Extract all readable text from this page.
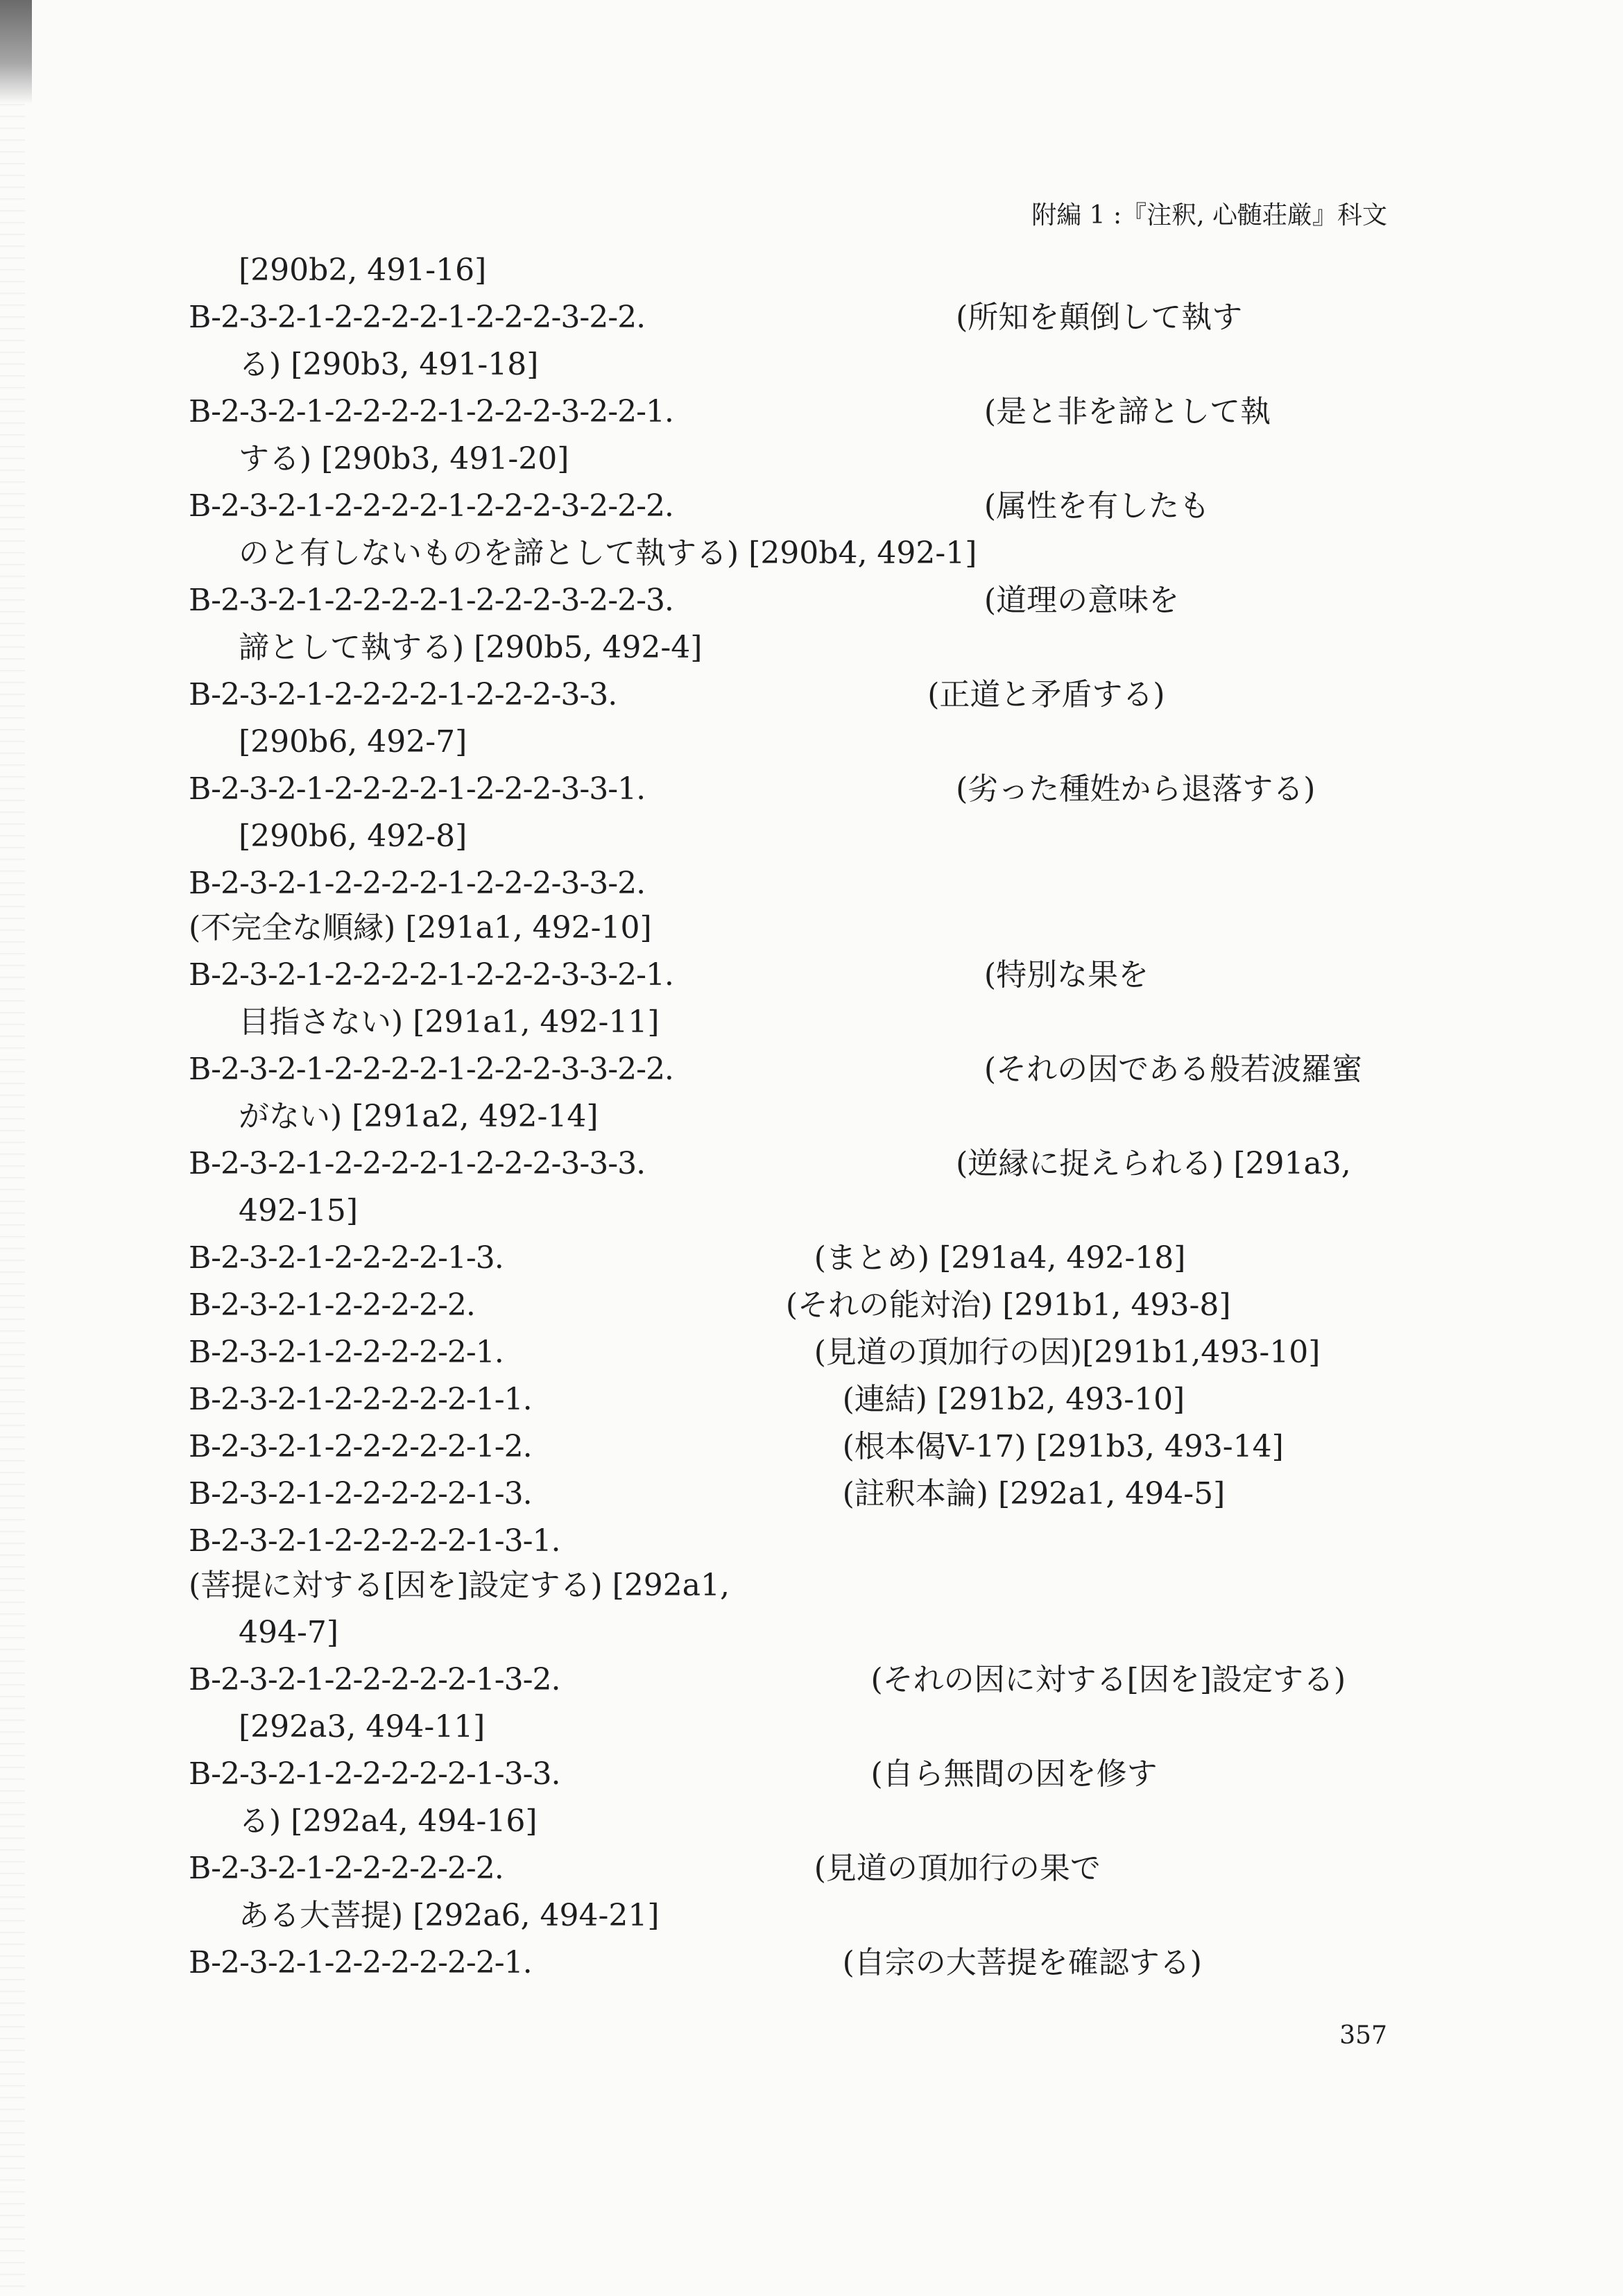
附編 1 :『注釈, 心髄荘厳』科文
[290b2, 491-16]
B-2-3-2-1-2-2-2-2-1-2-2-2-3-2-2.	(所知を顛倒して執す
る) [290b3, 491-18]
B-2-3-2-1-2-2-2-2-1-2-2-2-3-2-2-1.	(是と非を諦として執
する) [290b3, 491-20]
B-2-3-2-1-2-2-2-2-1-2-2-2-3-2-2-2.	(属性を有したも
のと有しないものを諦として執する) [290b4, 492-1]
B-2-3-2-1-2-2-2-2-1-2-2-2-3-2-2-3.	(道理の意味を
諦として執する) [290b5, 492-4]
B-2-3-2-1-2-2-2-2-1-2-2-2-3-3.	(正道と矛盾する)
[290b6, 492-7]
B-2-3-2-1-2-2-2-2-1-2-2-2-3-3-1.	(劣った種姓から退落する)
[290b6, 492-8]
B-2-3-2-1-2-2-2-2-1-2-2-2-3-3-2.  (不完全な順縁) [291a1, 492-10]
B-2-3-2-1-2-2-2-2-1-2-2-2-3-3-2-1.	(特別な果を
目指さない) [291a1, 492-11]
B-2-3-2-1-2-2-2-2-1-2-2-2-3-3-2-2.	(それの因である般若波羅蜜
がない) [291a2, 492-14]
B-2-3-2-1-2-2-2-2-1-2-2-2-3-3-3.	(逆縁に捉えられる) [291a3,
492-15]
B-2-3-2-1-2-2-2-2-1-3.	(まとめ) [291a4, 492-18]
B-2-3-2-1-2-2-2-2-2.	(それの能対治) [291b1, 493-8]
B-2-3-2-1-2-2-2-2-2-1.	(見道の頂加行の因)[291b1,493-10]
B-2-3-2-1-2-2-2-2-2-1-1.	(連結) [291b2, 493-10]
B-2-3-2-1-2-2-2-2-2-1-2.	(根本偈V-17) [291b3, 493-14]
B-2-3-2-1-2-2-2-2-2-1-3.	(註釈本論) [292a1, 494-5]
B-2-3-2-1-2-2-2-2-2-1-3-1.  (菩提に対する[因を]設定する) [292a1,
494-7]
B-2-3-2-1-2-2-2-2-2-1-3-2.	(それの因に対する[因を]設定する)
[292a3, 494-11]
B-2-3-2-1-2-2-2-2-2-1-3-3.	(自ら無間の因を修す
る) [292a4, 494-16]
B-2-3-2-1-2-2-2-2-2-2.	(見道の頂加行の果で
ある大菩提) [292a6, 494-21]
B-2-3-2-1-2-2-2-2-2-2-1.	(自宗の大菩提を確認する)
357
